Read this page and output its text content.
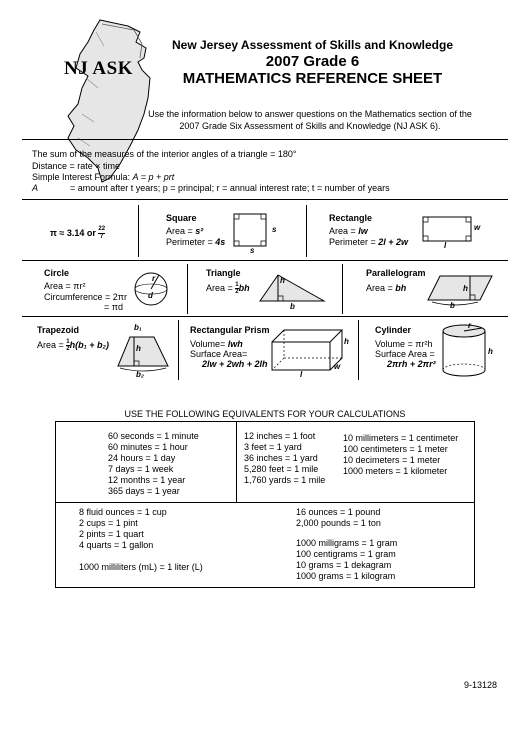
NJ ASK
New Jersey Assessment of Skills and Knowledge
2007 Grade 6
MATHEMATICS REFERENCE SHEET
Use the information below to answer questions on the Mathematics section of the
2007 Grade Six Assessment of Skills and Knowledge (NJ ASK 6).
The sum of the measures of the interior angles of a triangle = 180°
Distance = rate × time
Simple Interest Formula: A = p + prt
A	= amount after t years; p = principal; r = annual interest rate; t = number of years
π ≈ 3.14 or $\frac{22}{7}$
Square
Area = s²
Perimeter = 4s
s
s
Rectangle
Area = lw
Perimeter = 2l + 2w
w
l
Circle
Area = πr²
Circumference = 2πr
= πd
r
d
Triangle
Area = $\frac{1}{2}$ bh
h
b
Parallelogram
Area = bh	h
b
Trapezoid
Area = $\frac{1}{2} h(b_1 + b_2)$
b₁
h
b₂
Rectangular Prism
Volume= lwh
Surface Area=
2lw + 2wh + 2lh
h
w
l
Cylinder
Volume = πr²h
Surface Area =
2πrh + 2πr²
r
h
USE THE FOLLOWING EQUIVALENTS FOR YOUR CALCULATIONS
60 seconds = 1 minute
60 minutes = 1 hour
24 hours = 1 day
7 days = 1 week
12 months = 1 year
365 days = 1 year
12 inches = 1 foot
3 feet = 1 yard
36 inches = 1 yard
5,280 feet = 1 mile
1,760 yards = 1 mile
10 millimeters = 1 centimeter
100 centimeters = 1 meter
10 decimeters = 1 meter
1000 meters = 1 kilometer
8 fluid ounces = 1 cup
2 cups = 1 pint
2 pints = 1 quart
4 quarts = 1 gallon

1000 milliliters (mL) = 1 liter (L)
16 ounces = 1 pound
2,000 pounds = 1 ton
1000 milligrams = 1 gram
100 centigrams = 1 gram
10 grams = 1 dekagram
1000 grams = 1 kilogram
9-13128
